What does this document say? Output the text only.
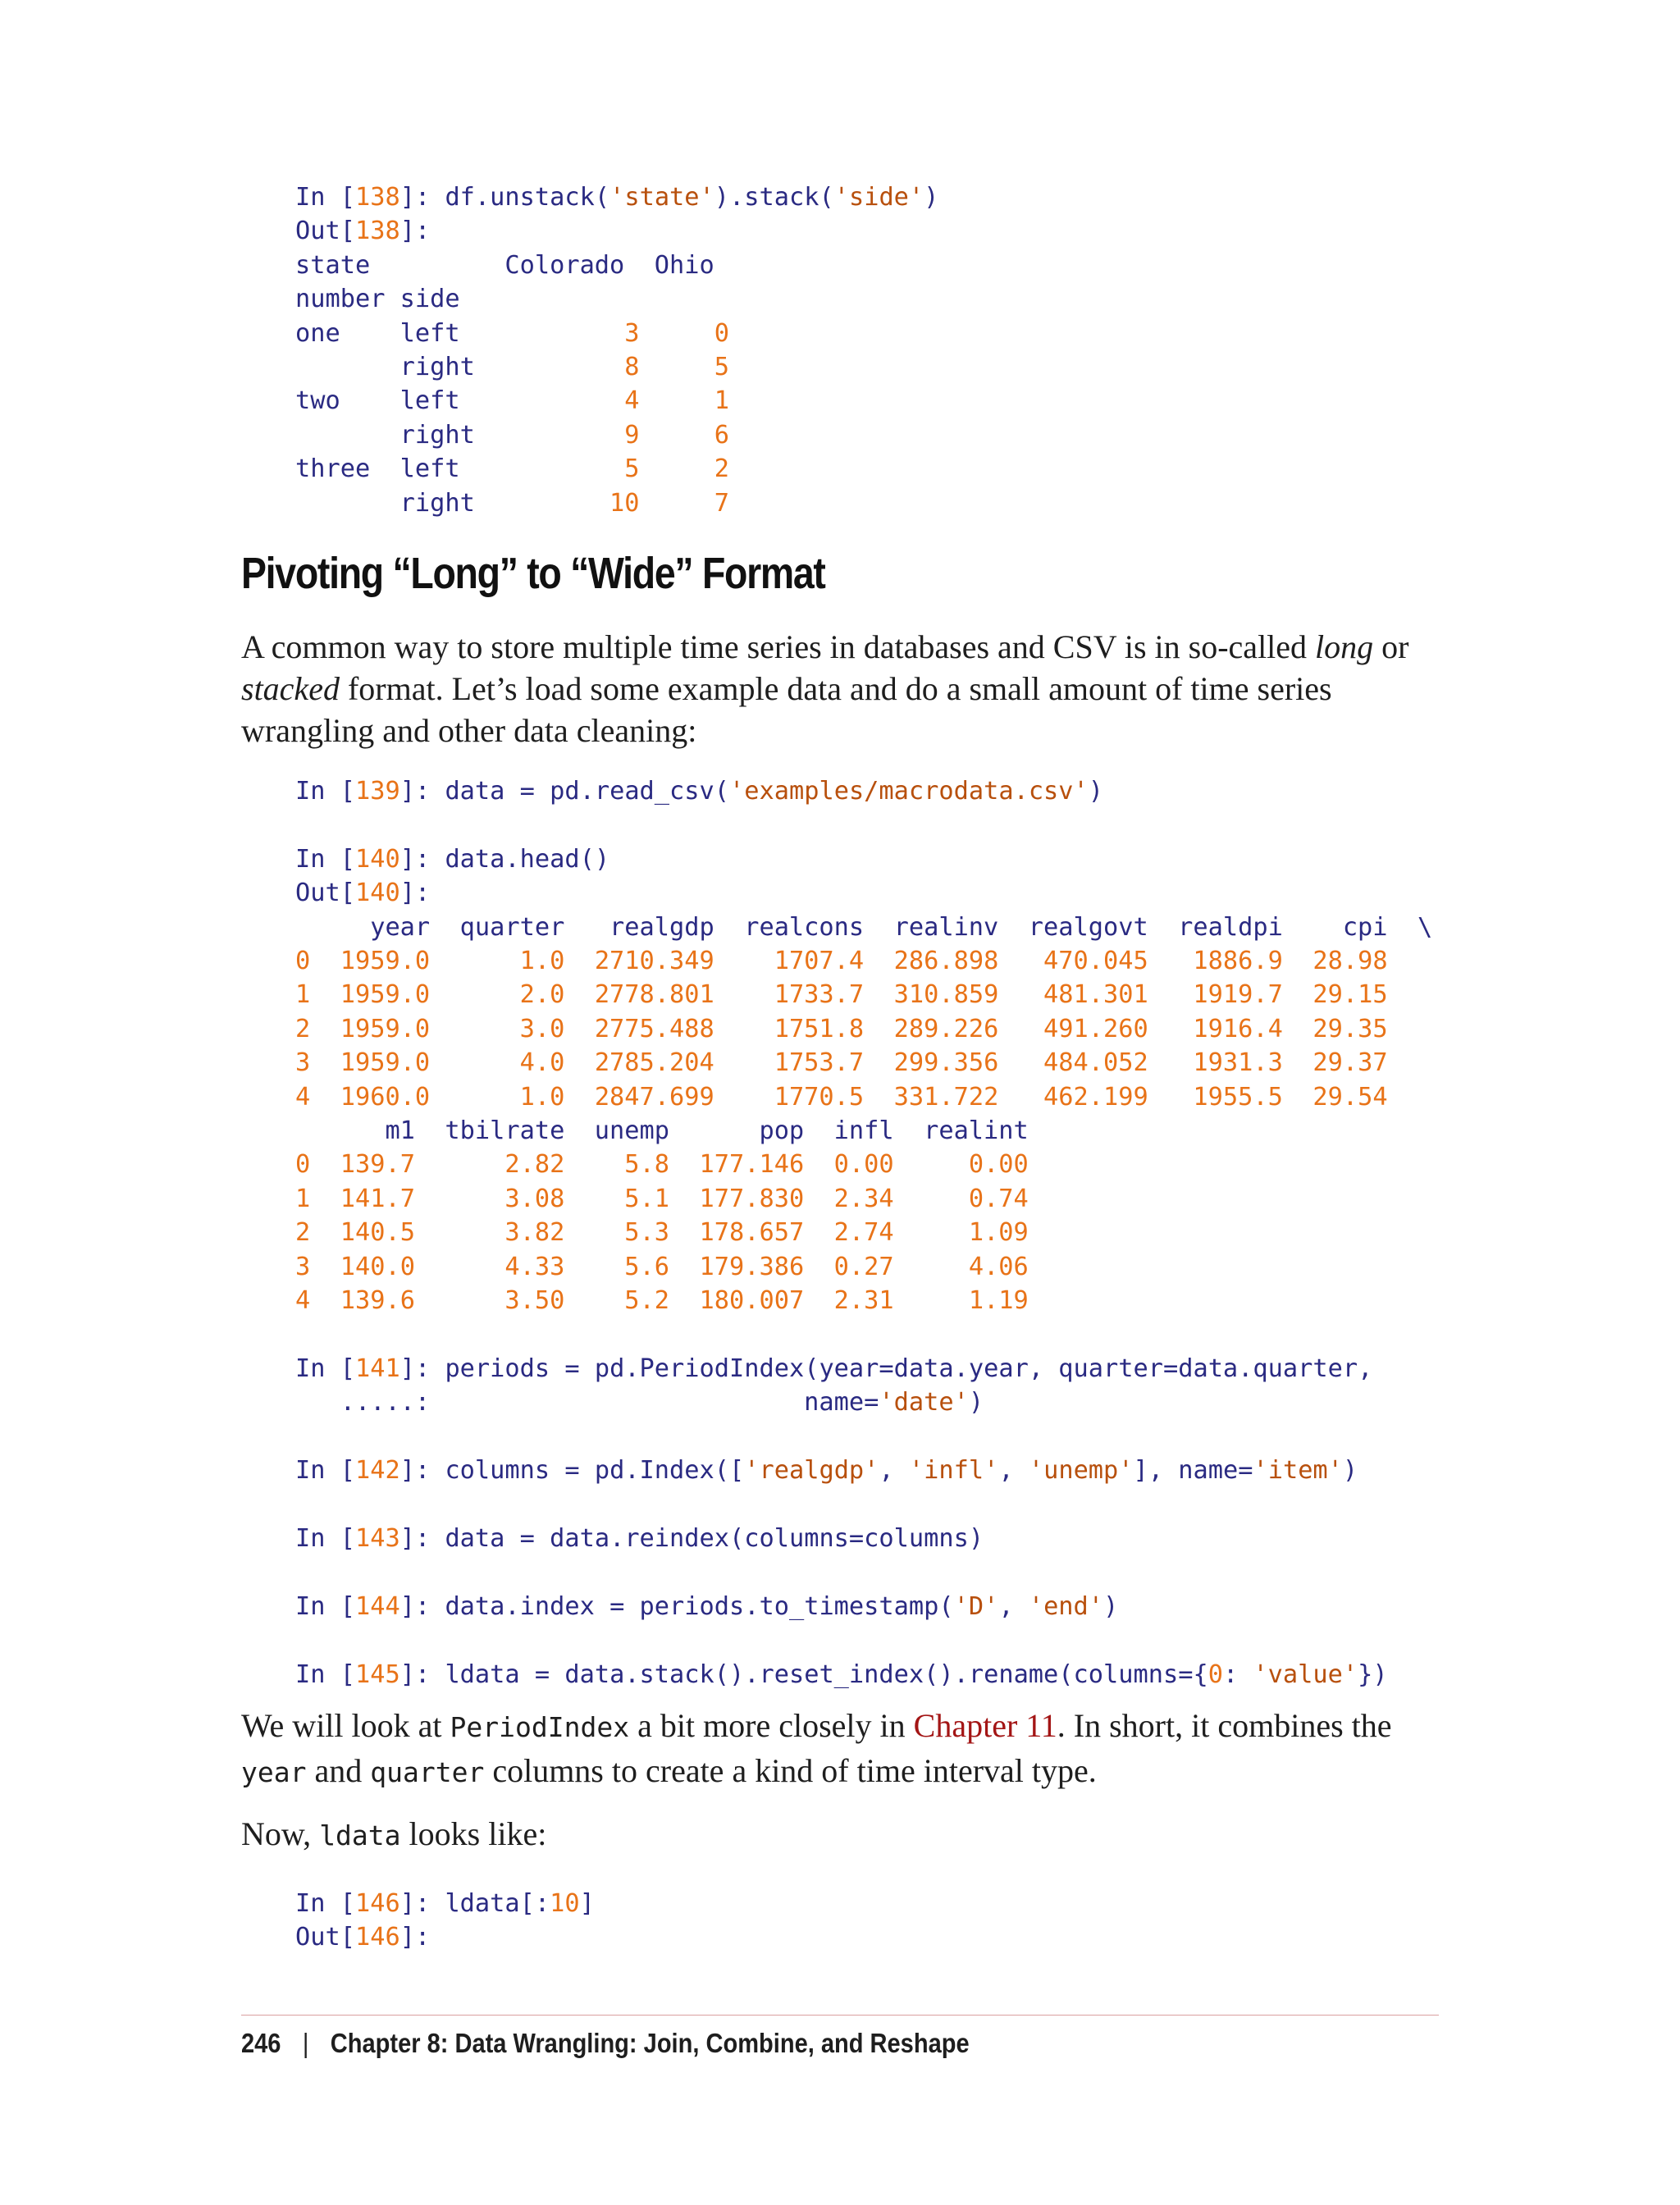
In [138]: df.unstack('state').stack('side')
Out[138]:
state         Colorado  Ohio
number side
one    left           3     0
right          8     5
two    left           4     1
right          9     6
three  left           5     2
right         10     7
Pivoting “Long” to “Wide” Format

A common way to store multiple time series in databases and CSV is in so-called long or stacked format. Let’s load some example data and do a small amount of time series wrangling and other data cleaning:

In [139]: data = pd.read_csv('examples/macrodata.csv')

In [140]: data.head()
Out[140]:
year  quarter   realgdp  realcons  realinv  realgovt  realdpi    cpi  \
0  1959.0      1.0  2710.349    1707.4  286.898   470.045   1886.9  28.98
1  1959.0      2.0  2778.801    1733.7  310.859   481.301   1919.7  29.15
2  1959.0      3.0  2775.488    1751.8  289.226   491.260   1916.4  29.35
3  1959.0      4.0  2785.204    1753.7  299.356   484.052   1931.3  29.37
4  1960.0      1.0  2847.699    1770.5  331.722   462.199   1955.5  29.54
m1  tbilrate  unemp      pop  infl  realint
0  139.7      2.82    5.8  177.146  0.00     0.00
1  141.7      3.08    5.1  177.830  2.34     0.74
2  140.5      3.82    5.3  178.657  2.74     1.09
3  140.0      4.33    5.6  179.386  0.27     4.06
4  139.6      3.50    5.2  180.007  2.31     1.19

In [141]: periods = pd.PeriodIndex(year=data.year, quarter=data.quarter,
.....:                         name='date')

In [142]: columns = pd.Index(['realgdp', 'infl', 'unemp'], name='item')

In [143]: data = data.reindex(columns=columns)

In [144]: data.index = periods.to_timestamp('D', 'end')

In [145]: ldata = data.stack().reset_index().rename(columns={0: 'value'})

We will look at PeriodIndex a bit more closely in Chapter 11. In short, it combines the year and quarter columns to create a kind of time interval type.

Now, ldata looks like:

In [146]: ldata[:10]
Out[146]:
246 | Chapter 8: Data Wrangling: Join, Combine, and Reshape
